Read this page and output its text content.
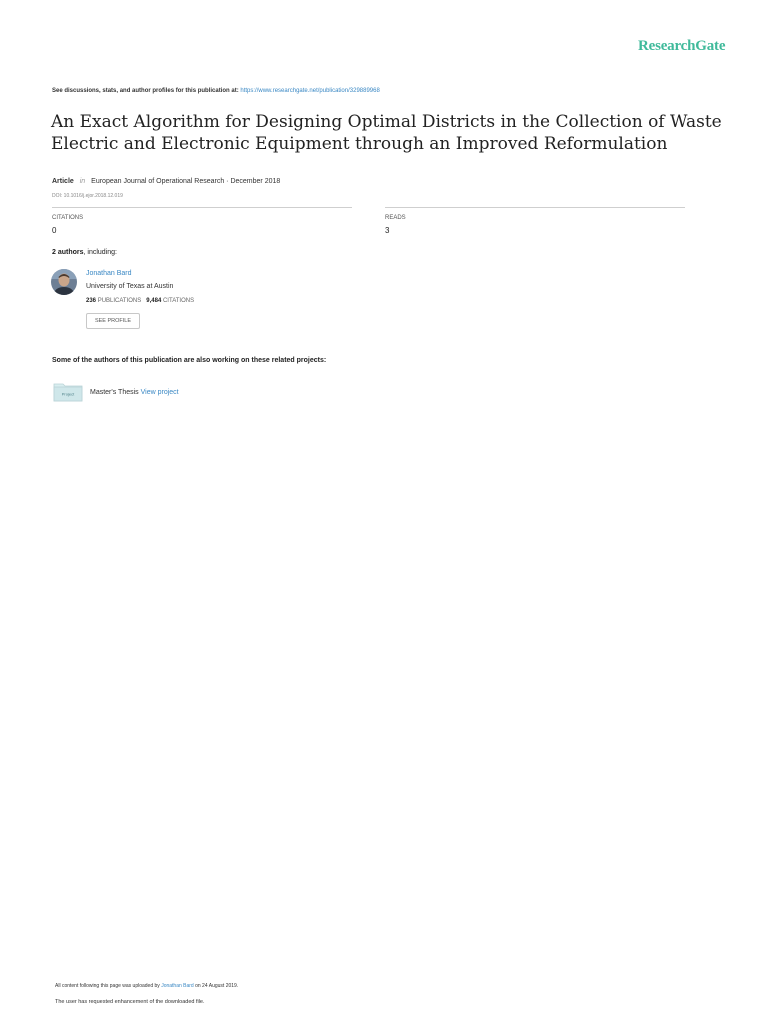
ResearchGate
See discussions, stats, and author profiles for this publication at: https://www.researchgate.net/publication/329889968
An Exact Algorithm for Designing Optimal Districts in the Collection of Waste Electric and Electronic Equipment through an Improved Reformulation
Article in European Journal of Operational Research · December 2018
DOI: 10.1016/j.ejor.2018.12.019
CITATIONS
0
READS
3
2 authors, including:
Jonathan Bard
University of Texas at Austin
236 PUBLICATIONS 9,484 CITATIONS
SEE PROFILE
Some of the authors of this publication are also working on these related projects:
Project Master's Thesis View project
All content following this page was uploaded by Jonathan Bard on 24 August 2019.
The user has requested enhancement of the downloaded file.
